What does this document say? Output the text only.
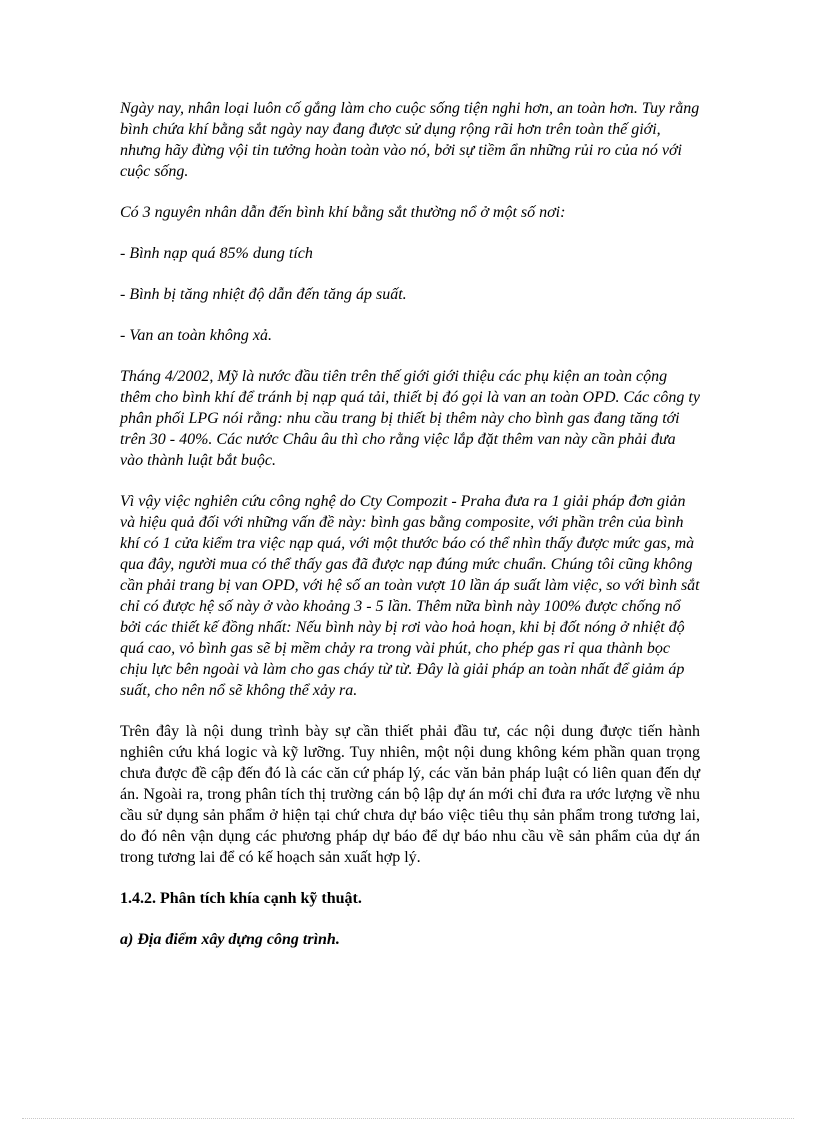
Ngày nay, nhân loại luôn cố gắng làm cho cuộc sống tiện nghi hơn, an toàn hơn. Tuy rằng bình chứa khí bằng sắt ngày nay đang được sử dụng rộng rãi hơn trên toàn thế giới, nhưng hãy đừng vội tin tưởng hoàn toàn vào nó, bởi sự tiềm ẩn những rủi ro của nó với cuộc sống.

Có 3 nguyên nhân dẫn đến bình khí bằng sắt thường nổ ở một số nơi:

- Bình nạp quá 85% dung tích

- Bình bị tăng nhiệt độ dẫn đến tăng áp suất.

- Van an toàn không xả.

Tháng 4/2002, Mỹ là nước đầu tiên trên thế giới giới thiệu các phụ kiện an toàn cộng thêm cho bình khí để tránh bị nạp quá tải, thiết bị đó gọi là van an toàn OPD. Các công ty phân phối LPG nói rằng: nhu cầu trang bị thiết bị thêm này cho bình gas đang tăng tới trên 30 - 40%. Các nước Châu âu thì cho rằng việc lắp đặt thêm van này cần phải đưa vào thành luật bắt buộc.

Vì vậy việc nghiên cứu công nghệ do Cty Compozit - Praha đưa ra 1 giải pháp đơn giản và hiệu quả đối với những vấn đề này: bình gas bằng composite, với phần trên của bình khí có 1 cửa kiểm tra việc nạp quá, với một thước báo có thể nhìn thấy được mức gas, mà qua đây, người mua có thể thấy gas đã được nạp đúng mức chuẩn. Chúng tôi cũng không cần phải trang bị van OPD, với hệ số an toàn vượt 10 lần áp suất làm việc, so với bình sắt chỉ có được hệ số này ở vào khoảng 3 - 5 lần. Thêm nữa bình này 100% được chống nổ bởi các thiết kế đồng nhất: Nếu bình này bị rơi vào hoả hoạn, khi bị đốt nóng ở nhiệt độ quá cao, vỏ bình gas sẽ bị mềm chảy ra trong vài phút, cho phép gas rỉ qua thành bọc chịu lực bên ngoài và làm cho gas cháy từ từ. Đây là giải pháp an toàn nhất để giảm áp suất, cho nên nổ sẽ không thể xảy ra.

Trên đây là nội dung trình bày sự cần thiết phải đầu tư, các nội dung được tiến hành nghiên cứu khá logic và kỹ lưỡng. Tuy nhiên, một nội dung không kém phần quan trọng chưa được đề cập đến đó là các căn cứ pháp lý, các văn bản pháp luật có liên quan đến dự án. Ngoài ra, trong phân tích thị trường cán bộ lập dự án mới chỉ đưa ra ước lượng về nhu cầu sử dụng sản phẩm ở hiện tại chứ chưa dự báo việc tiêu thụ sản phẩm trong tương lai, do đó nên vận dụng các phương pháp dự báo để dự báo nhu cầu về sản phẩm của dự án trong tương lai để có kế hoạch sản xuất hợp lý.

1.4.2. Phân tích khía cạnh kỹ thuật.
a) Địa điểm xây dựng công trình.
